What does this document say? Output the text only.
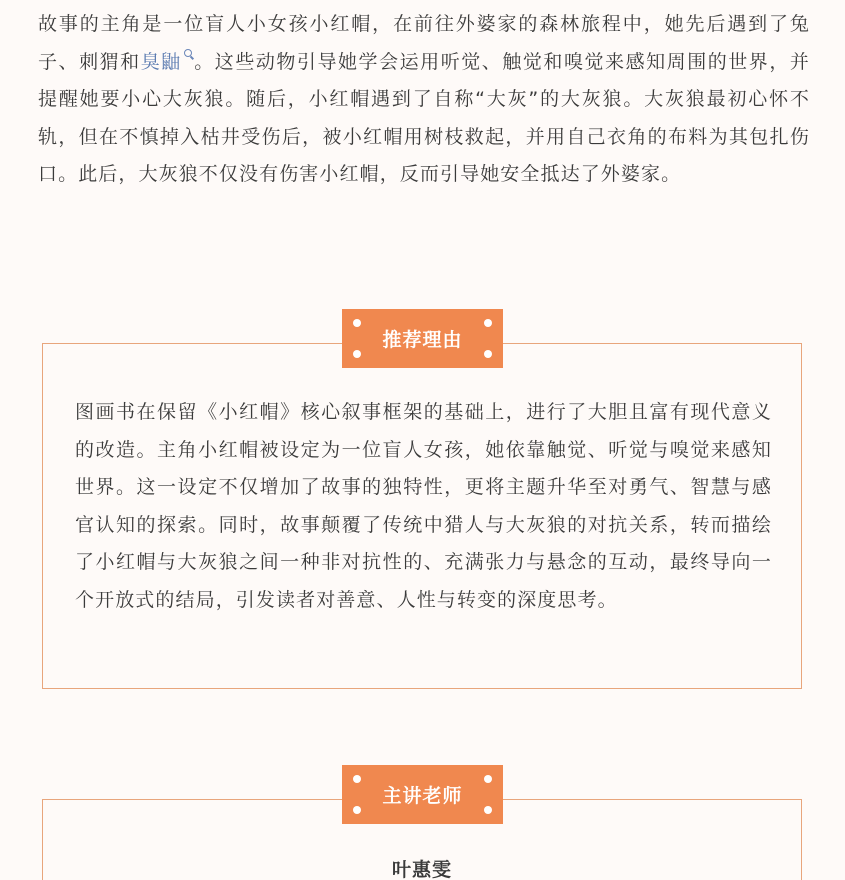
故事的主角是一位盲人小女孩小红帽，在前往外婆家的森林旅程中，她先后遇到了兔子、刺猬和臭鼬 。这些动物引导她学会运用听觉、触觉和嗅觉来感知周围的世界，并提醒她要小心大灰狼。随后，小红帽遇到了自称“大灰”的大灰狼。大灰狼最初心怀不轨，但在不慎掉入枯井受伤后，被小红帽用树枝救起，并用自己衣角的布料为其包扎伤口。此后，大灰狼不仅没有伤害小红帽，反而引导她安全抵达了外婆家。

图画书在保留《小红帽》核心叙事框架的基础上，进行了大胆且富有现代意义的改造。主角小红帽被设定为一位盲人女孩，她依靠触觉、听觉与嗅觉来感知世界。这一设定不仅增加了故事的独特性，更将主题升华至对勇气、智慧与感官认知的探索。同时，故事颠覆了传统中猎人与大灰狼的对抗关系，转而描绘了小红帽与大灰狼之间一种非对抗性的、充满张力与悬念的互动，最终导向一个开放式的结局，引发读者对善意、人性与转变的深度思考。

推荐理由

叶惠雯

主讲老师
